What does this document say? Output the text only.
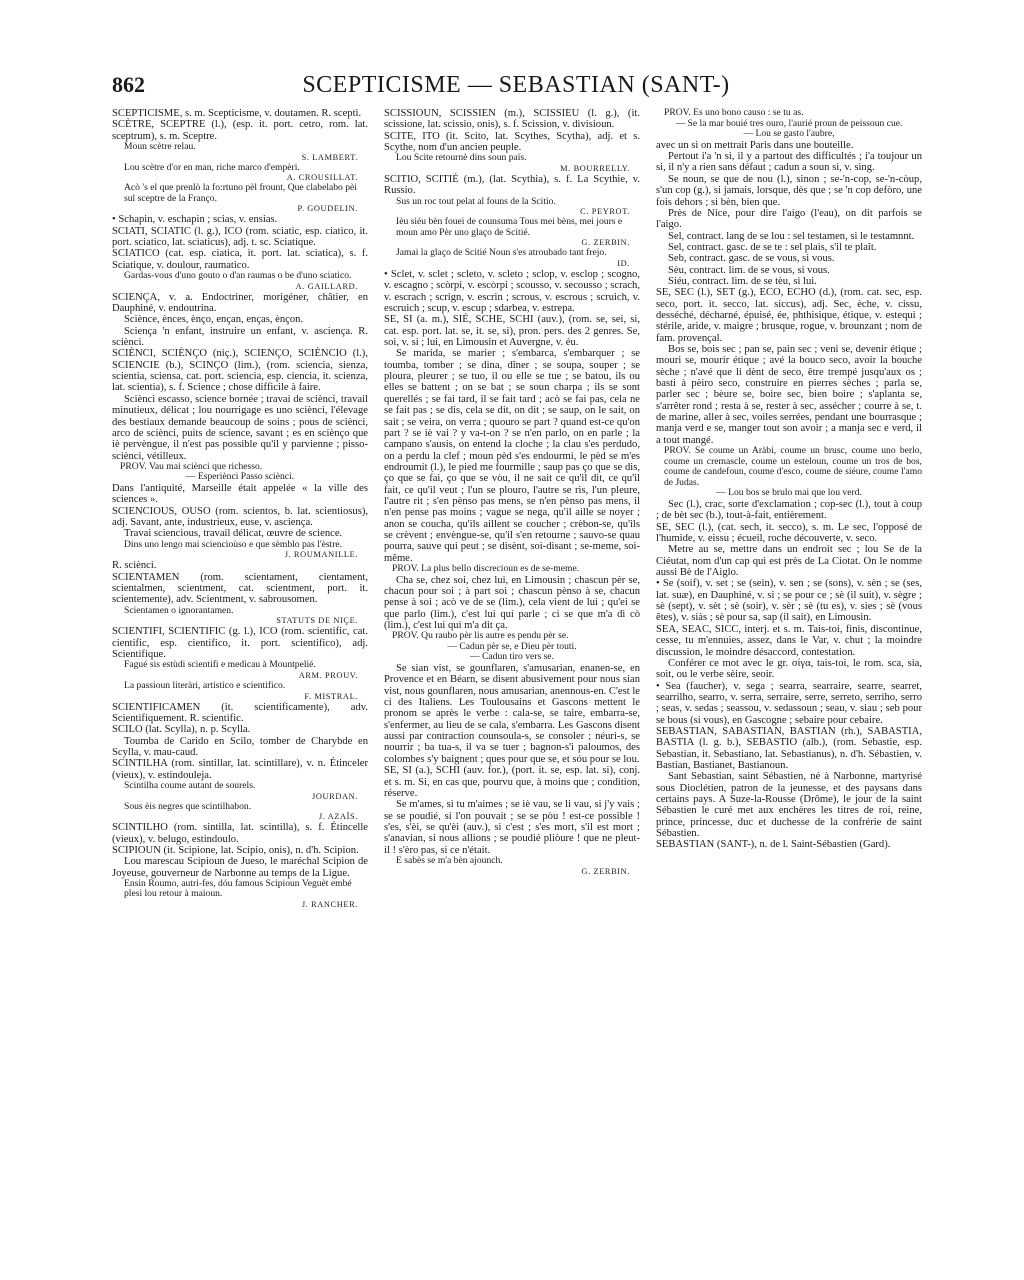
862	SCEPTICISME — SEBASTIAN (SANT-)

SCEPTICISME, s. m. Scepticisme, v. doutamen. R. scepti.

SCÈTRE, SCEPTRE (l.), (esp. it. port. cetro, rom. lat. sceptrum), s. m. Sceptre.

Moun scètre relau.

S. LAMBERT.

Lou scètre d'or en man, riche marco d'empèri.

A. CROUSILLAT.

Acò 's el que prenlò la fo:rtuno pèl frount, Que clabelabo pèi sul sceptre de la Franço.

P. GOUDELIN.

• Schapin, v. eschapin ; scias, v. ensias.

SCIATI, SCIATIC (l. g.), ICO (rom. sciatic, esp. ciatico, it. port. sciatico, lat. sciaticus), adj. t. sc. Sciatique.

SCIATICO (cat. esp. ciatica, it. port. lat. sciatica), s. f. Sciatique, v. doulour, raumatico.

Gardas-vous d'uno gouto o d'an raumas o be d'uno sciatico.

A. GAILLARD.

SCIENÇA, v. a. Endoctriner, morigéner, châtier, en Dauphiné, v. endoutrina.

Sciènce, ènces, ènço, ençan, enças, ènçon.

Sciença 'n enfant, instruire un enfant, v. asciença. R. sciènci.

SCIÈNCI, SCIÈNÇO (niç.), SCIENÇO, SCIÈNCIO (l.), SCIENCIE (b.), SCINÇO (lim.), (rom. sciencia, sienza, scientia, sciensa, cat. port. sciencia, esp. ciencia, it. scienza, lat. scientia), s. f. Science ; chose difficile à faire.

Sciènci escasso, science bornée ; travai de sciènci, travail minutieux, délicat ; lou nourrigage es uno sciènci, l'élevage des bestiaux demande beaucoup de soins ; pous de sciènci, arco de sciènci, puits de science, savant ; es en sciènço que iè pervèngue, il n'est pas possible qu'il y parvienne ; pisso-sciènci, vétilleux.

PROV. Vau mai sciènci que richesso.

— Esperiènci Passo sciènci.

Dans l'antiquité, Marseille était appelée « la ville des sciences ».

SCIENCIOUS, OUSO (rom. scientos, b. lat. scientiosus), adj. Savant, ante, industrieux, euse, v. asciença.

Travai sciencious, travail délicat, œuvre de science.

Dins uno lengo mai sciencioùso e que sèmblo pas l'èstre.

J. ROUMANILLE.

R. sciènci.

SCIENTAMEN (rom. scientament, cientament, scientalmen, scientment, cat. scientment, port. it. scientemente), adv. Scientment, v. sabrousomen.

Scientamen o ignorantamen.

STATUTS DE NIÇE.

SCIENTIFI, SCIENTIFIC (g. l.), ICO (rom. scientific, cat. cientific, esp. cientifico, it. port. scientifico), adj. Scientifique.

Fagué sis estùdi scientifi e medicau à Mountpelié.

ARM. PROUV.

La passioun literàri, artistico e scientifico.

F. MISTRAL.

SCIENTIFICAMEN (it. scientificamente), adv. Scientifiquement. R. scientific.

SCILO (lat. Scylla), n. p. Scylla.

Toumba de Carido en Scilo, tomber de Charybde en Scylla, v. mau-caud.

SCINTILHA (rom. sintillar, lat. scintillare), v. n. Étinceler (vieux), v. estindouleja.

Scintilha coume autant de sourels.

JOURDAN.

Sous èis negres que scintilhabon.

J. AZAÏS.

SCINTILHO (rom. sintilla, lat. scintilla), s. f. Étincelle (vieux), v. belugo, estindoulo.

SCIPIOUN (it. Scipione, lat. Scipio, onis), n. d'h. Scipion.

Lou marescau Scipioun de Jueso, le maréchal Scipion de Joyeuse, gouverneur de Narbonne au temps de la Ligue.

Ensin Roumo, autri-fes, dóu famous Scipioun Veguèt embé plesi lou retour à maioun.

J. RANCHER.

SCISSIOUN, SCISSIEN (m.), SCISSIÉU (l. g.), (it. scissione, lat. scissio, onis), s. f. Scission, v. divisioun.

SCITE, ITO (it. Scito, lat. Scythes, Scytha), adj. et s. Scythe, nom d'un ancien peuple.

Lou Scite retournè dins soun païs.

M. BOURRELLY.

SCITIO, SCITIÉ (m.), (lat. Scythia), s. f. La Scythie, v. Russio.

Sus un roc tout pelat al founs de la Scitio.

C. PEYROT.

Ièu siéu bèn fouei de counsuma Tous mei bèns, mei jours e moun amo Pèr uno glaço de Scitié.

G. ZERBIN.

Jamai la glaço de Scitié Noun s'es atroubado tant frejo.

ID.

• Sclet, v. sclet ; scleto, v. scleto ; sclop, v. esclop ; scogno, v. escagno ; scòrpi, v. escòrpi ; scousso, v. secousso ; scrach, v. escrach ; scrign, v. escrin ; scrous, v. escrous ; scruich, v. escruich ; scup, v. escup ; sdarbea, v. estrepa.

SE, SI (a. m.), SIÉ, SCHE, SCHI (auv.), (rom. se, sei, si, cat. esp. port. lat. se, it. se, si), pron. pers. des 2 genres. Se, soi, v. si ; lui, en Limousin et Auvergne, v. éu.

Se marida, se marier ; s'embarca, s'embarquer ; se toumba, tomber ; se dina, dîner ; se soupa, souper ; se ploura, pleurer ; se tuo, il ou elle se tue ; se batou, ils ou elles se battent ; on se bat ; se soun charpa ; ils se sont querellés ; se fai tard, il se fait tard ; acò se fai pas, cela ne se fait pas ; se dis, cela se dit, on dit ; se saup, on le sait, on sait ; se veira, on verra ; quouro se part ? quand est-ce qu'on part ? se iè vai ? y va-t-on ? se n'en parlo, on en parle ; la campano s'ausis, on entend la cloche ; la clau s'es perdudo, on a perdu la clef ; moun pèd s'es endourmi, le pèd se m'es endroumit (l.), le pied me fourmille ; saup pas ço que se dis, ço que se fai, ço que se vòu, il ne sait ce qu'il dit, ce qu'il fait, ce qu'il veut ; l'un se plouro, l'autre se ris, l'un pleure, l'autre rit ; s'en pènso pas mens, se n'en pènso pas mens, il n'en pense pas moins ; vague se nega, qu'il aille se noyer ; anon se coucha, qu'ils aillent se coucher ; crèbon-se, qu'ils se crèvent ; envèngue-se, qu'il s'en retourne ; sauvo-se quau pourra, sauve qui peut ; se disènt, soi-disant ; se-meme, soi-même.

PROV. La plus bello discrecioun es de se-meme.

Cha se, chez soi, chez lui, en Limousin ; chascun pèr se, chacun pour soi ; à part soi ; chascun pènso à se, chacun pense à soi ; acò ve de se (lim.), cela vient de lui ; qu'ei se que parlo (lim.), c'est lui qui parle ; ci se que m'a di cò (lim.), c'est lui qui m'a dit ça.

PROV. Qu raubo pèr lis autre es pendu pèr se.

— Cadun pèr se, e Dieu pèr touti.

— Cadun tiro vers se.

Se sian vist, se gounflaren, s'amusarian, enanen-se, en Provence et en Béarn, se disent abusivement pour nous sian vist, nous gounflaren, nous amusarian, anennous-en. C'est le ci des Italiens. Les Toulousains et Gascons mettent le pronom se après le verbe : cala-se, se taire, embarra-se, s'enfermer, au lieu de se cala, s'embarra. Les Gascons disent aussi par contraction counsoula-s, se consoler ; néuri-s, se nourrir ; ba tua-s, il va se tuer ; bagnon-s'i paloumos, des colombes s'y baignent ; ques pour que se, et sóu pour se lou.

SE, SI (a.), SCHI (auv. for.), (port. it. se, esp. lat. si), conj. et s. m. Si, en cas que, pourvu que, à moins que ; condition, réserve.

Se m'ames, si tu m'aimes ; se iè vau, se li vau, si j'y vais ; se se poudié, si l'on pouvait ; se se pòu ! est-ce possible ! s'es, s'èi, se qu'èi (auv.), si c'est ; s'es mort, s'il est mort ; s'anavian, si nous allions ; se poudié pliòure ! que ne pleut-il ! s'èro pas, si ce n'était.

E sabès se m'a bèn ajounch.

G. ZERBIN.

PROV. Es uno bono causo : se tu as.

— Se la mar bouié tres ouro, l'aurié proun de peissoun cue.

— Lou se gasto l'aubre,

avec un si on mettrait Paris dans une bouteille.

Pertout i'a 'n si, il y a partout des difficultés ; i'a toujour un si, il n'y a rien sans défaut ; cadun a soun si, v. sing.

Se noun, se que de nou (l.), sinon ; se-'n-cop, se-'n-còup, s'un cop (g.), si jamais, lorsque, dès que ; se 'n cop defòro, une fois dehors ; si bèn, bien que.

Près de Nice, pour dire l'aigo (l'eau), on dit parfois se l'aigo.

Sel, contract. lang de se lou : sel testamen, si le testamnnt.

Sel, contract. gasc. de se te : sel plais, s'il te plaît.

Seb, contract. gasc. de se vous, si vous.

Sèu, contract. lim. de se vous, si vous.

Siéu, contract. lim. de se tèu, si lui.

SE, SEC (l.), SET (g.), ECO, ECHO (d.), (rom. cat. sec, esp. seco, port. it. secco, lat. siccus), adj. Sec, èche, v. cissu, desséché, décharné, épuisé, ée, phthisique, étique, v. estequi ; stérile, aride, v. maigre ; brusque, rogue, v. brounzant ; nom de fam. provençal.

Bos se, bois sec ; pan se, pain sec ; veni se, devenir étique ; mouri se, mourir étique ; avé la bouco seco, avoir la bouche sèche ; n'avé que li dènt de seco, être trempé jusqu'aux os ; basti à pèiro seco, construire en pierres sèches ; parla se, parler sec ; bèure se, boire sec, bien boire ; s'aplanta se, s'arrêter rond ; resta à se, rester à sec, assécher ; courre à se, t. de marine, aller à sec, voiles serrées, pendant une bourrasque ; manja verd e se, manger tout son avoir ; a manja sec e verd, il a tout mangé.

PROV. Se coume un Aràbi, coume un brusc, coume uno berlo, coume un cremascle, coume un esteloun, coume un tros de bos, coume de candefoun, coume d'esco, coume de siéure, coume l'amo de Judas.

— Lou bos se brulo mai que lou verd.

Sec (l.), crac, sorte d'exclamation ; cop-sec (l.), tout à coup ; de bèt sec (b.), tout-à-fait, entièrement.

SE, SEC (l.), (cat. sech, it. secco), s. m. Le sec, l'opposé de l'humide, v. eissu ; écueil, roche découverte, v. seco.

Metre au se, mettre dans un endroit sec ; lou Se de la Ciéutat, nom d'un cap qui est près de La Ciotat. On le nomme aussi Bè de l'Aiglo.

• Se (soif), v. set ; se (sein), v. sen ; se (sons), v. sèn ; se (ses, lat. suæ), en Dauphiné, v. si ; se pour ce ; sè (il suit), v. sègre ; sè (sept), v. sèt ; sè (soir), v. sèr ; sè (tu es), v. sies ; sè (vous êtes), v. siàs ; sè pour sa, sap (il sait), en Limousin.

SEA, SEAC, SICC, interj. et s. m. Tais-toi, finis, discontinue, cesse, tu m'ennuies, assez, dans le Var, v. chut ; la moindre discussion, le moindre désaccord, contestation.

Conférer ce mot avec le gr. σίγα, tais-toi, le rom. sca, sia, soit, ou le verbe sèire, seoir.

• Sea (faucher), v. sega ; searra, searraire, searre, searret, searrilho, searro, v. serra, serraire, serre, serreto, serriho, serro ; seas, v. sedas ; seassou, v. sedassoun ; seau, v. siau ; seb pour se bous (si vous), en Gascogne ; sebaire pour cebaire.

SEBASTIAN, SABASTIAN, BASTIAN (rh.), SABASTIA, BASTIA (l. g. b.), SEBASTIO (alb.), (rom. Sebastie, esp. Sebastian, it. Sebastiano, lat. Sebastianus), n. d'h. Sébastien, v. Bastian, Bastianet, Bastianoun.

Sant Sebastian, saint Sébastien, né à Narbonne, martyrisé sous Dioclétien, patron de la jeunesse, et des paysans dans certains pays. A Suze-la-Rousse (Drôme), le jour de la saint Sébastien le curé met aux enchères les titres de roi, reine, prince, princesse, duc et duchesse de la confrérie de saint Sébastien.

SEBASTIAN (SANT-), n. de l. Saint-Sébastien (Gard).
